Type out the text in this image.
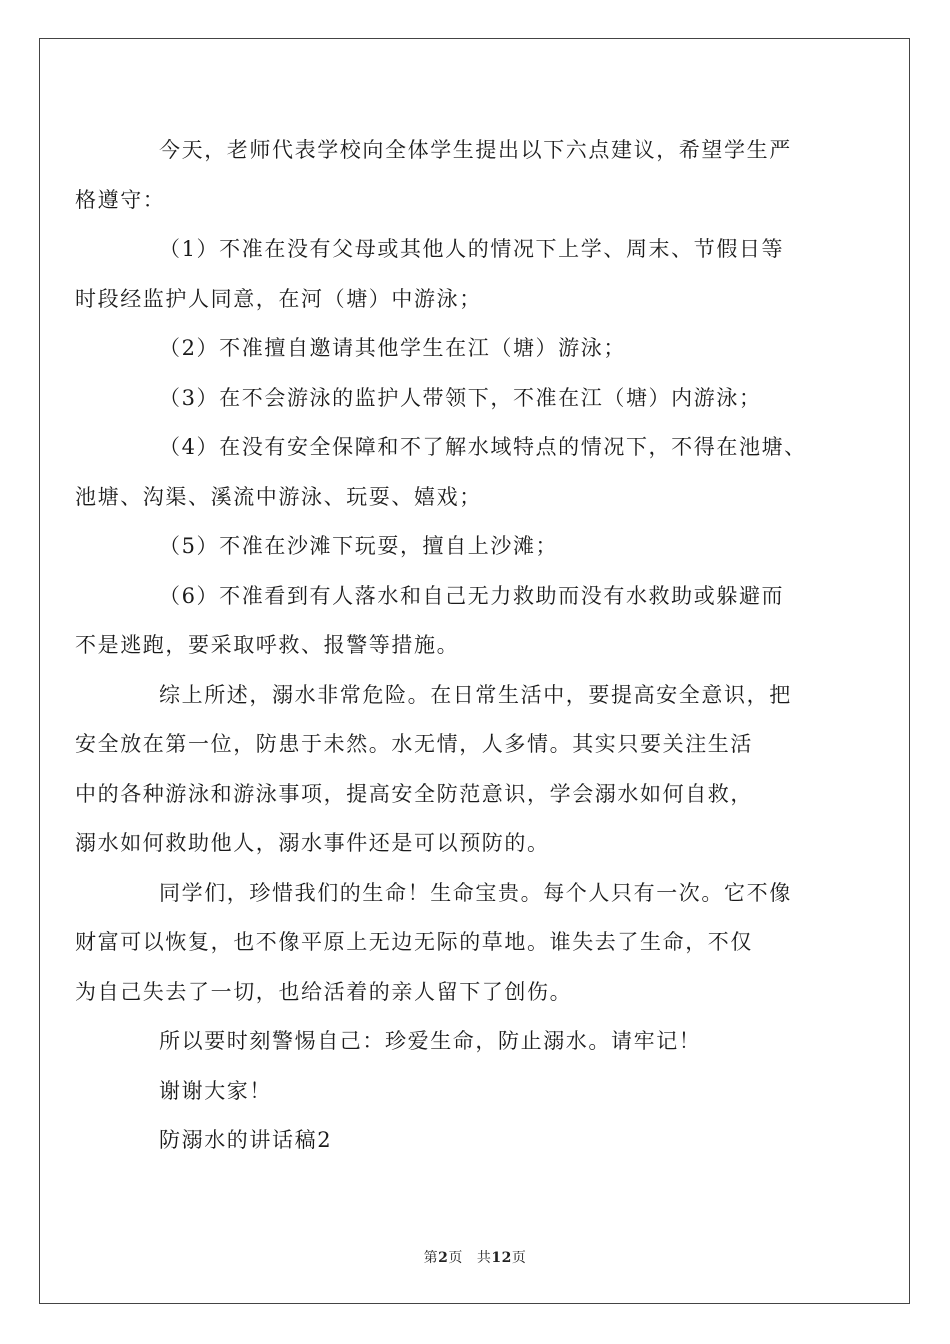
今天，老师代表学校向全体学生提出以下六点建议，希望学生严
格遵守：

（1）不准在没有父母或其他人的情况下上学、周末、节假日等
时段经监护人同意，在河（塘）中游泳；

（2）不准擅自邀请其他学生在江（塘）游泳；

（3）在不会游泳的监护人带领下，不准在江（塘）内游泳；

（4）在没有安全保障和不了解水域特点的情况下，不得在池塘、
池塘、沟渠、溪流中游泳、玩耍、嬉戏；

（5）不准在沙滩下玩耍，擅自上沙滩；

（6）不准看到有人落水和自己无力救助而没有水救助或躲避而
不是逃跑，要采取呼救、报警等措施。

综上所述，溺水非常危险。在日常生活中，要提高安全意识，把
安全放在第一位，防患于未然。水无情，人多情。其实只要关注生活
中的各种游泳和游泳事项，提高安全防范意识，学会溺水如何自救，
溺水如何救助他人，溺水事件还是可以预防的。

同学们，珍惜我们的生命！生命宝贵。每个人只有一次。它不像
财富可以恢复，也不像平原上无边无际的草地。谁失去了生命，不仅
为自己失去了一切，也给活着的亲人留下了创伤。

所以要时刻警惕自己：珍爱生命，防止溺水。请牢记！

谢谢大家！

防溺水的讲话稿2

第2页 共12页
